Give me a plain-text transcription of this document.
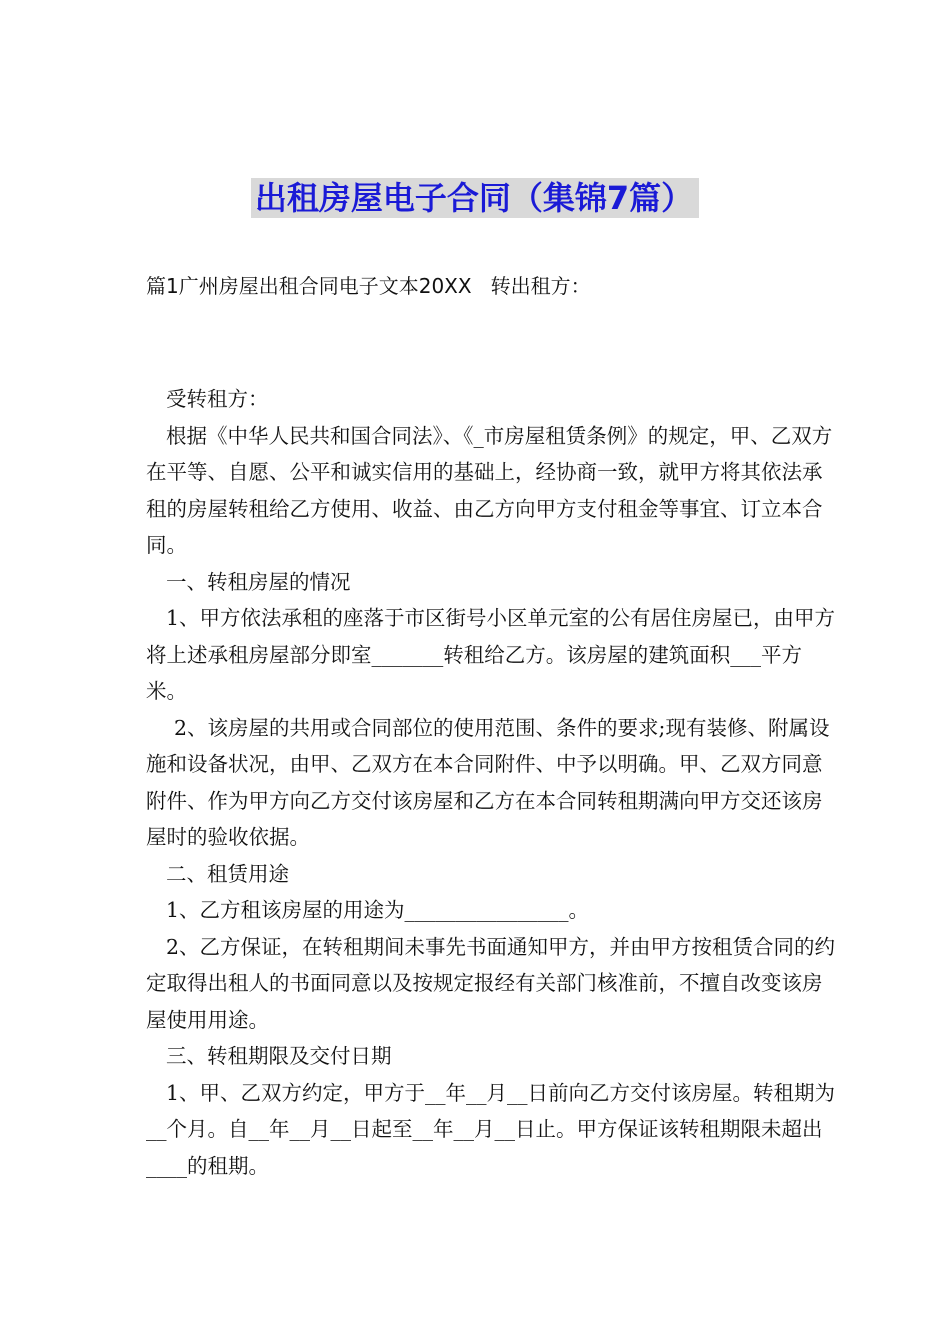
出租房屋电子合同（集锦7篇）
篇1广州房屋出租合同电子文本20XX   转出租方：

受转租方：

根据《中华人民共和国合同法》、《_市房屋租赁条例》的规定，甲、乙双方在平等、自愿、公平和诚实信用的基础上，经协商一致，就甲方将其依法承租的房屋转租给乙方使用、收益、由乙方向甲方支付租金等事宜、订立本合同。

一、转租房屋的情况

1、甲方依法承租的座落于市区街号小区单元室的公有居住房屋已，由甲方将上述承租房屋部分即室_______转租给乙方。该房屋的建筑面积___平方米。

2、该房屋的共用或合同部位的使用范围、条件的要求;现有装修、附属设施和设备状况，由甲、乙双方在本合同附件、中予以明确。甲、乙双方同意附件、作为甲方向乙方交付该房屋和乙方在本合同转租期满向甲方交还该房屋时的验收依据。

二、租赁用途

1、乙方租该房屋的用途为________________。

2、乙方保证，在转租期间未事先书面通知甲方，并由甲方按租赁合同的约定取得出租人的书面同意以及按规定报经有关部门核准前，不擅自改变该房屋使用用途。

三、转租期限及交付日期

1、甲、乙双方约定，甲方于__年__月__日前向乙方交付该房屋。转租期为__个月。自__年__月__日起至__年__月__日止。甲方保证该转租期限未超出____的租期。
